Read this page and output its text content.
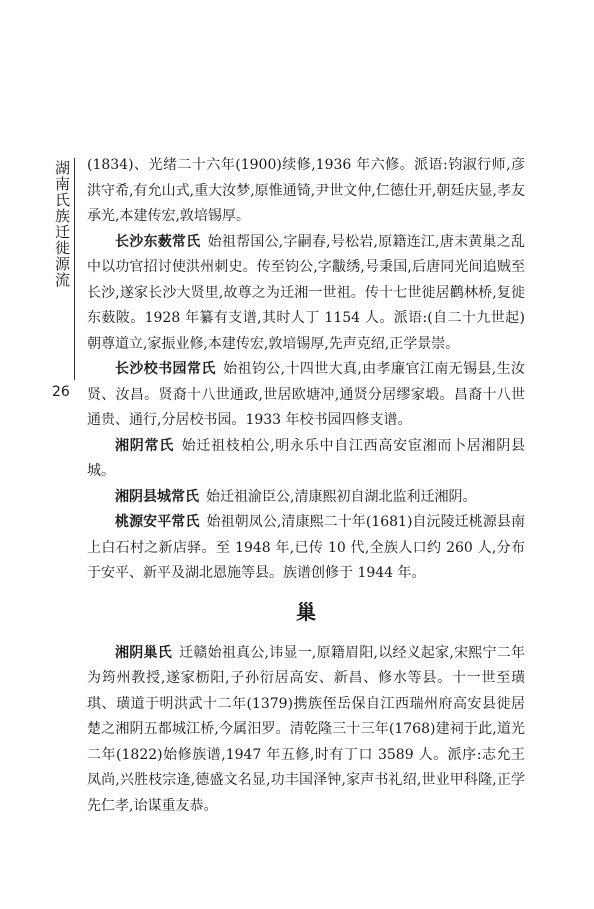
湖南氏族迁徙源流
26

(1834)、光绪二十六年(1900)续修,1936 年六修。派语:钧淑行师,彦洪守希,有允山式,重大汝梦,原惟通锜,尹世文仲,仁德仕开,朝廷庆显,孝友承光,本建传宏,敦培锡厚。

长沙东薮常氏  始祖帮国公,字嗣春,号松岩,原籍连江,唐末黄巢之乱中以功官招讨使洪州刺史。传至钧公,字黻绣,号秉国,后唐同光间追贼至长沙,遂家长沙大贤里,故尊之为迁湘一世祖。传十七世徙居鹳林桥,复徙东薮陂。1928 年纂有支谱,其时人丁 1154 人。派语:(自二十九世起)朝尊道立,家振业修,本建传宏,敦培锡厚,先声克绍,正学景崇。

长沙校书园常氏  始祖钧公,十四世大真,由孝廉官江南无锡县,生汝贤、汝昌。贤裔十八世通政,世居欧塘冲,通贤分居缪家塅。昌裔十八世通贵、通行,分居校书园。1933 年校书园四修支谱。

湘阴常氏  始迁祖枝柏公,明永乐中自江西高安宦湘而卜居湘阴县城。

湘阴县城常氏  始迁祖渝臣公,清康熙初自湖北监利迁湘阴。

桃源安平常氏  始祖朝凤公,清康熙二十年(1681)自沅陵迁桃源县南上白石村之新店驿。至 1948 年,已传 10 代,全族人口约 260 人,分布于安平、新平及湖北恩施等县。族谱创修于 1944 年。

巢

湘阴巢氏  迁赣始祖真公,讳显一,原籍眉阳,以经义起家,宋熙宁二年为筠州教授,遂家枥阳,子孙衍居高安、新昌、修水等县。十一世至璜琪、璜道于明洪武十二年(1379)携族侄岳保自江西瑞州府高安县徙居楚之湘阴五都城江桥,今属汨罗。清乾隆三十三年(1768)建祠于此,道光二年(1822)始修族谱,1947 年五修,时有丁口 3589 人。派序:志允王凤尚,兴胜枝宗逢,德盛文名显,功丰国泽钟,家声书礼绍,世业甲科隆,正学先仁孝,诒谋重友恭。
